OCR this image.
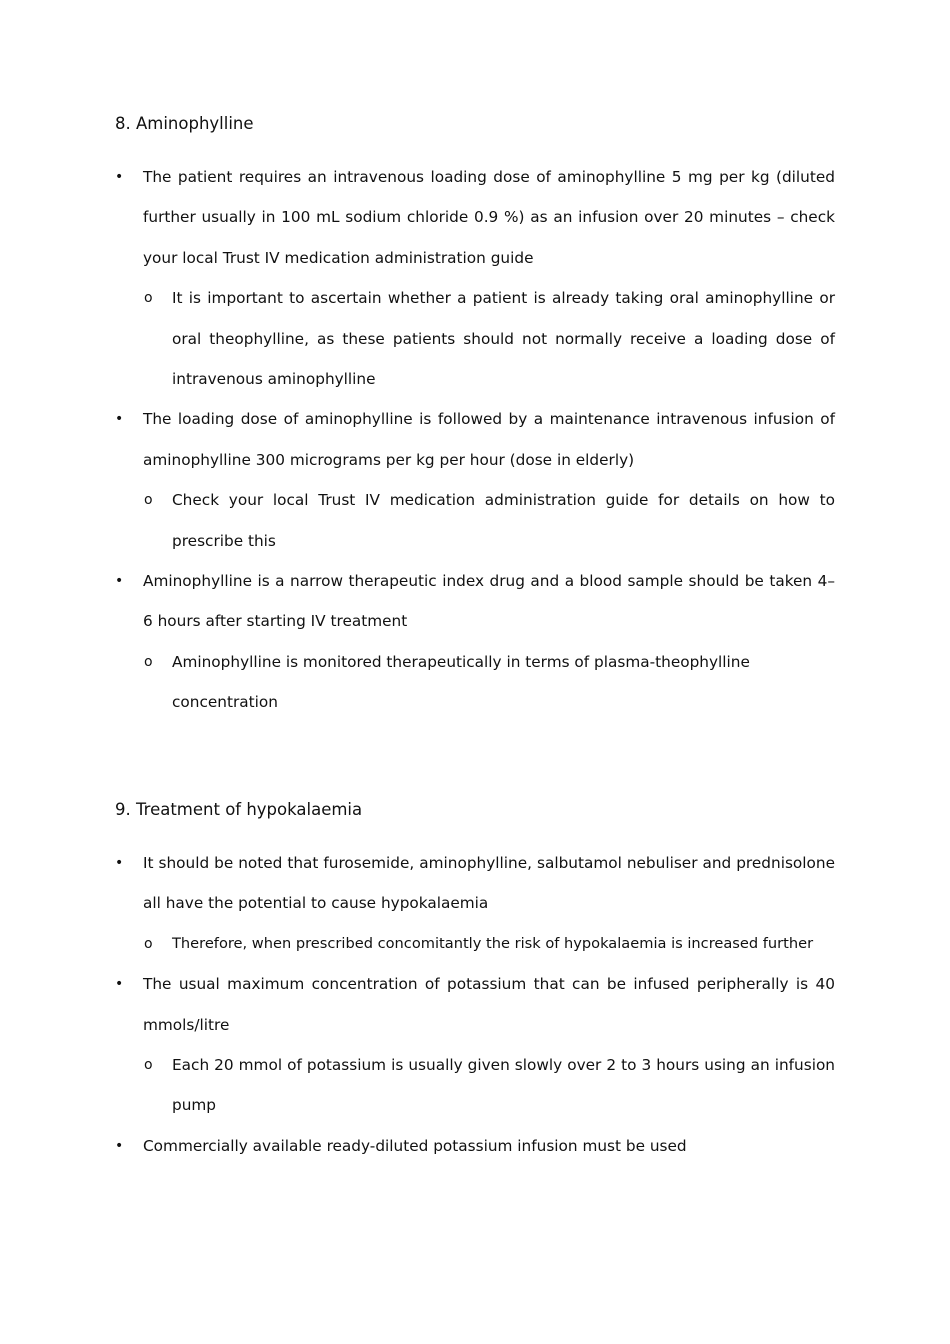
8. Aminophylline
• The patient requires an intravenous loading dose of aminophylline 5 mg per kg (diluted further usually in 100 mL sodium chloride 0.9 %) as an infusion over 20 minutes – check your local Trust IV medication administration guide
o It is important to ascertain whether a patient is already taking oral aminophylline or oral theophylline, as these patients should not normally receive a loading dose of intravenous aminophylline
• The loading dose of aminophylline is followed by a maintenance intravenous infusion of aminophylline 300 micrograms per kg per hour (dose in elderly)
o Check your local Trust IV medication administration guide for details on how to prescribe this
• Aminophylline is a narrow therapeutic index drug and a blood sample should be taken 4–6 hours after starting IV treatment
o Aminophylline is monitored therapeutically in terms of plasma-theophylline concentration
9. Treatment of hypokalaemia
• It should be noted that furosemide, aminophylline, salbutamol nebuliser and prednisolone all have the potential to cause hypokalaemia
o Therefore, when prescribed concomitantly the risk of hypokalaemia is increased further
• The usual maximum concentration of potassium that can be infused peripherally is 40 mmols/litre
o Each 20 mmol of potassium is usually given slowly over 2 to 3 hours using an infusion pump
• Commercially available ready-diluted potassium infusion must be used
